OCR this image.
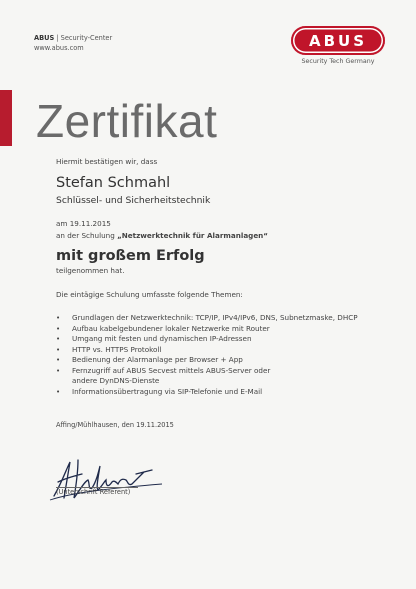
ABUS | Security-Center
www.abus.com	ABUS
Security Tech Germany
Zertifikat
Hiermit bestätigen wir, dass
Stefan Schmahl
Schlüssel- und Sicherheitstechnik
am 19.11.2015
an der Schulung „Netzwerktechnik für Alarmanlagen“
mit großem Erfolg
teilgenommen hat.
Die eintägige Schulung umfasste folgende Themen:
• Grundlagen der Netzwerktechnik: TCP/IP, IPv4/IPv6, DNS, Subnetzmaske, DHCP
• Aufbau kabelgebundener lokaler Netzwerke mit Router
• Umgang mit festen und dynamischen IP-Adressen
• HTTP vs. HTTPS Protokoll
• Bedienung der Alarmanlage per Browser + App
• Fernzugriff auf ABUS Secvest mittels ABUS-Server oder andere DynDNS-Dienste
• Informationsübertragung via SIP-Telefonie und E-Mail
Affing/Mühlhausen, den 19.11.2015
(Unterschrift Referent)
